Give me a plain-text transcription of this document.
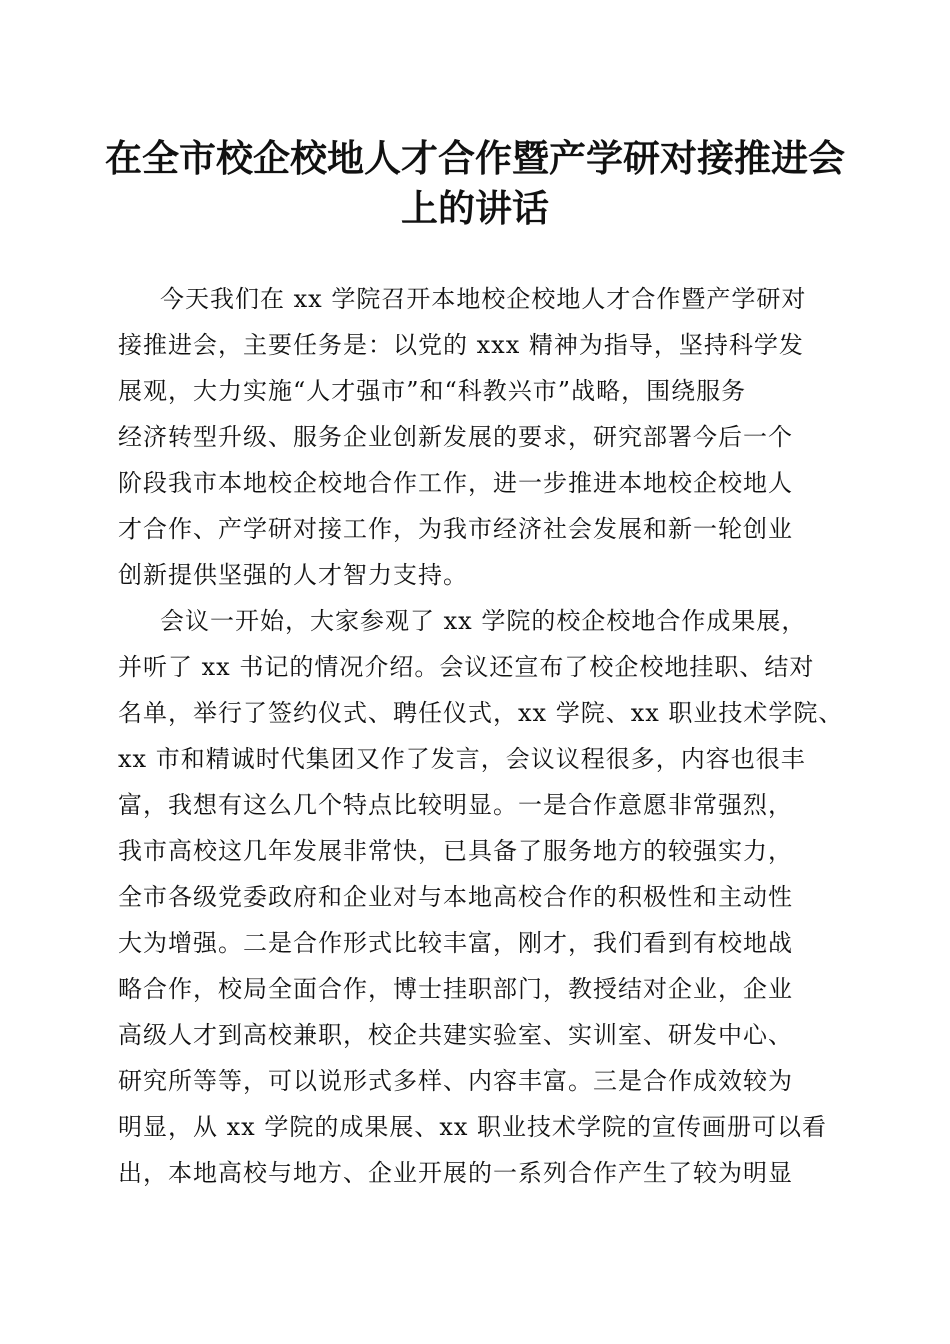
在全市校企校地人才合作暨产学研对接推进会
上的讲话
今天我们在 xx 学院召开本地校企校地人才合作暨产学研对
接推进会，主要任务是：以党的 xxx 精神为指导，坚持科学发
展观，大力实施“人才强市”和“科教兴市”战略，围绕服务
经济转型升级、服务企业创新发展的要求，研究部署今后一个
阶段我市本地校企校地合作工作，进一步推进本地校企校地人
才合作、产学研对接工作，为我市经济社会发展和新一轮创业
创新提供坚强的人才智力支持。
会议一开始，大家参观了 xx 学院的校企校地合作成果展，
并听了 xx 书记的情况介绍。会议还宣布了校企校地挂职、结对
名单，举行了签约仪式、聘任仪式，xx 学院、xx 职业技术学院、
xx 市和精诚时代集团又作了发言，会议议程很多，内容也很丰
富，我想有这么几个特点比较明显。一是合作意愿非常强烈，
我市高校这几年发展非常快，已具备了服务地方的较强实力，
全市各级党委政府和企业对与本地高校合作的积极性和主动性
大为增强。二是合作形式比较丰富，刚才，我们看到有校地战
略合作，校局全面合作，博士挂职部门，教授结对企业，企业
高级人才到高校兼职，校企共建实验室、实训室、研发中心、
研究所等等，可以说形式多样、内容丰富。三是合作成效较为
明显，从 xx 学院的成果展、xx 职业技术学院的宣传画册可以看
出，本地高校与地方、企业开展的一系列合作产生了较为明显
